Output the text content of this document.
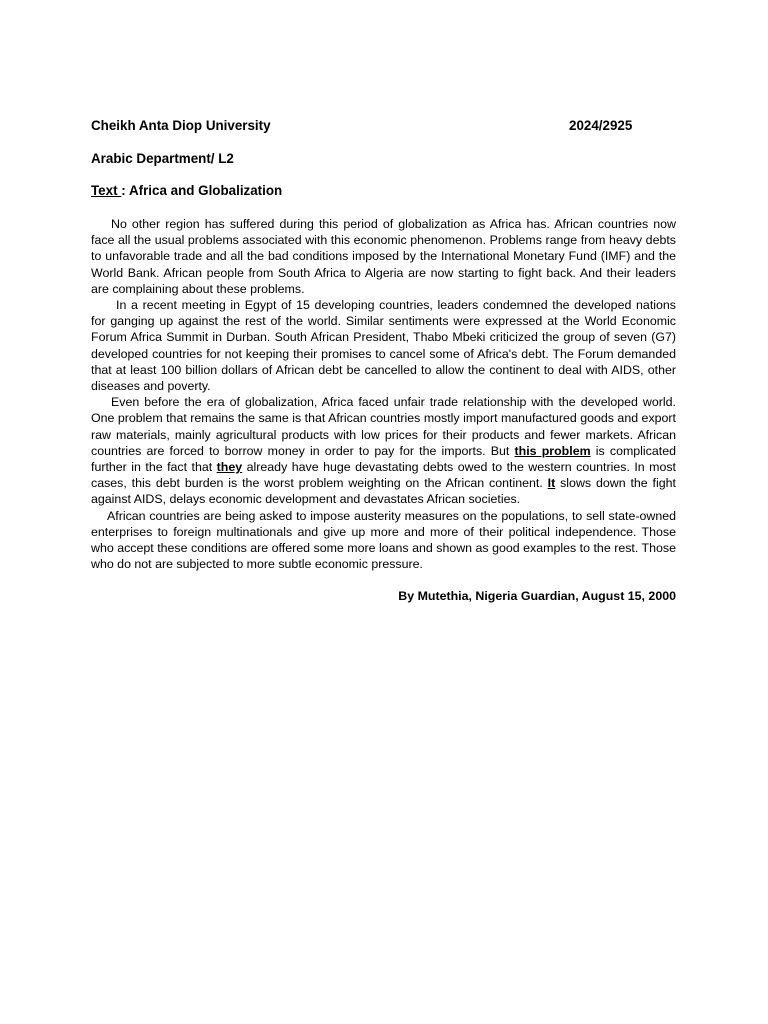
Cheikh Anta Diop University	2024/2925
Arabic Department/ L2
Text : Africa and Globalization

No other region has suffered during this period of globalization as Africa has. African countries now face all the usual problems associated with this economic phenomenon. Problems range from heavy debts to unfavorable trade and all the bad conditions imposed by the International Monetary Fund (IMF) and the World Bank. African people from South Africa to Algeria are now starting to fight back. And their leaders are complaining about these problems.

In a recent meeting in Egypt of 15 developing countries, leaders condemned the developed nations for ganging up against the rest of the world. Similar sentiments were expressed at the World Economic Forum Africa Summit in Durban. South African President, Thabo Mbeki criticized the group of seven (G7) developed countries for not keeping their promises to cancel some of Africa's debt. The Forum demanded that at least 100 billion dollars of African debt be cancelled to allow the continent to deal with AIDS, other diseases and poverty.

Even before the era of globalization, Africa faced unfair trade relationship with the developed world. One problem that remains the same is that African countries mostly import manufactured goods and export raw materials, mainly agricultural products with low prices for their products and fewer markets. African countries are forced to borrow money in order to pay for the imports. But this problem is complicated further in the fact that they already have huge devastating debts owed to the western countries. In most cases, this debt burden is the worst problem weighting on the African continent. It slows down the fight against AIDS, delays economic development and devastates African societies.

African countries are being asked to impose austerity measures on the populations, to sell state-owned enterprises to foreign multinationals and give up more and more of their political independence. Those who accept these conditions are offered some more loans and shown as good examples to the rest. Those who do not are subjected to more subtle economic pressure.

By Mutethia, Nigeria Guardian, August 15, 2000
